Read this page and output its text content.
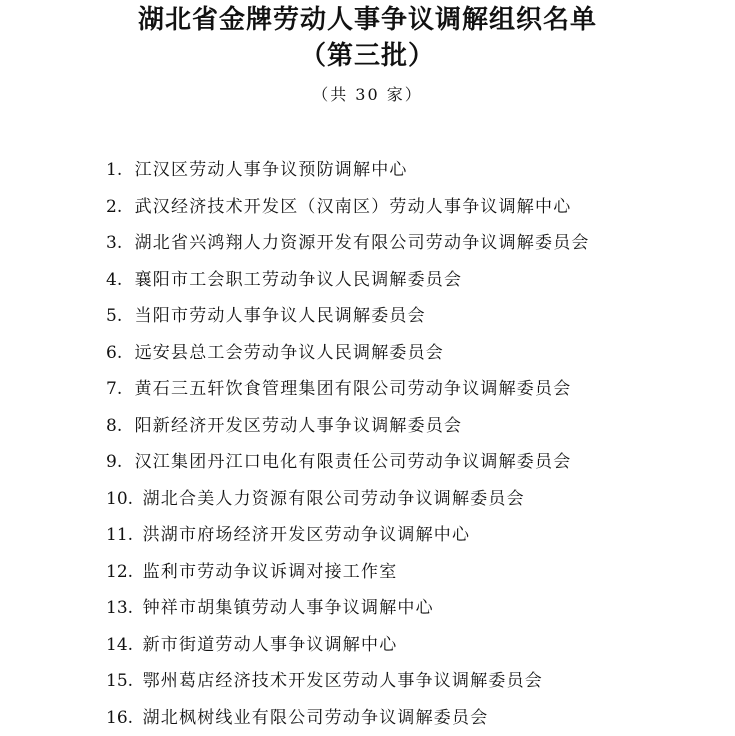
湖北省金牌劳动人事争议调解组织名单
（第三批）
（共 30 家）
1. 江汉区劳动人事争议预防调解中心
2. 武汉经济技术开发区（汉南区）劳动人事争议调解中心
3. 湖北省兴鸿翔人力资源开发有限公司劳动争议调解委员会
4. 襄阳市工会职工劳动争议人民调解委员会
5. 当阳市劳动人事争议人民调解委员会
6. 远安县总工会劳动争议人民调解委员会
7. 黄石三五轩饮食管理集团有限公司劳动争议调解委员会
8. 阳新经济开发区劳动人事争议调解委员会
9. 汉江集团丹江口电化有限责任公司劳动争议调解委员会
10. 湖北合美人力资源有限公司劳动争议调解委员会
11. 洪湖市府场经济开发区劳动争议调解中心
12. 监利市劳动争议诉调对接工作室
13. 钟祥市胡集镇劳动人事争议调解中心
14. 新市街道劳动人事争议调解中心
15. 鄂州葛店经济技术开发区劳动人事争议调解委员会
16. 湖北枫树线业有限公司劳动争议调解委员会
